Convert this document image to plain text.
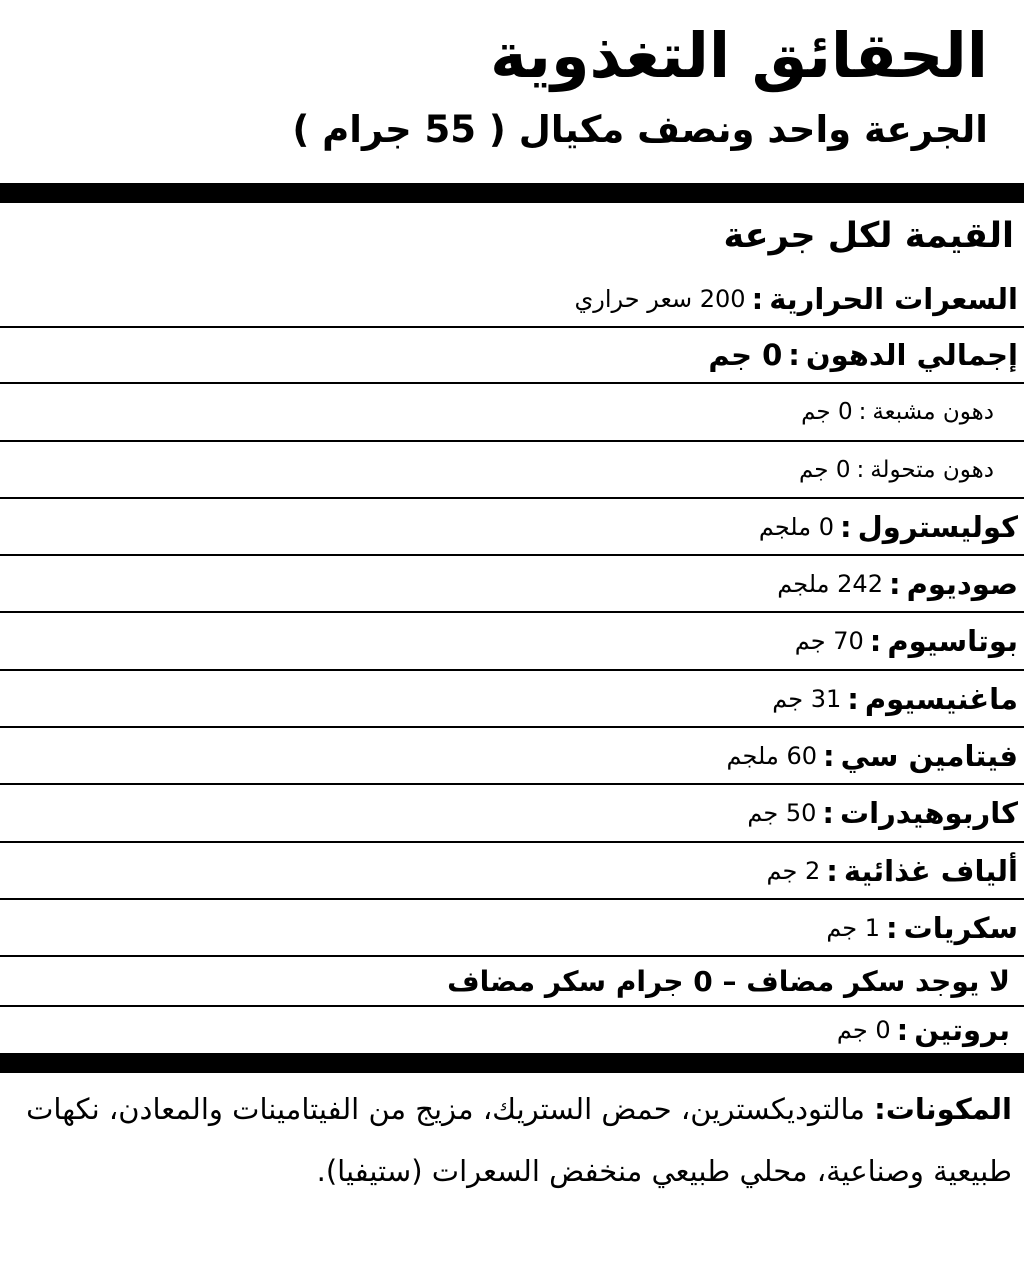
الحقائق التغذوية
الجرعة واحد ونصف مكيال ( 55 جرام )
القيمة لكل جرعة
السعرات الحرارية
:
200 سعر حراري
إجمالي الدهون
:
0 جم
دهون مشبعة
:
0 جم
دهون متحولة
:
0 جم
كوليسترول
:
0 ملجم
صوديوم
:
242 ملجم
بوتاسيوم
:
70 جم
ماغنيسيوم
:
31 جم
فيتامين سي
:
60 ملجم
كاربوهيدرات
:
50 جم
ألياف غذائية
:
2 جم
سكريات
:
1 جم
لا يوجد سكر مضاف – 0 جرام سكر مضاف
بروتين
:
0 جم
المكونات: مالتوديكسترين، حمض الستريك، مزيج من الفيتامينات والمعادن، نكهات طبيعية وصناعية، محلي طبيعي منخفض السعرات (ستيفيا).
